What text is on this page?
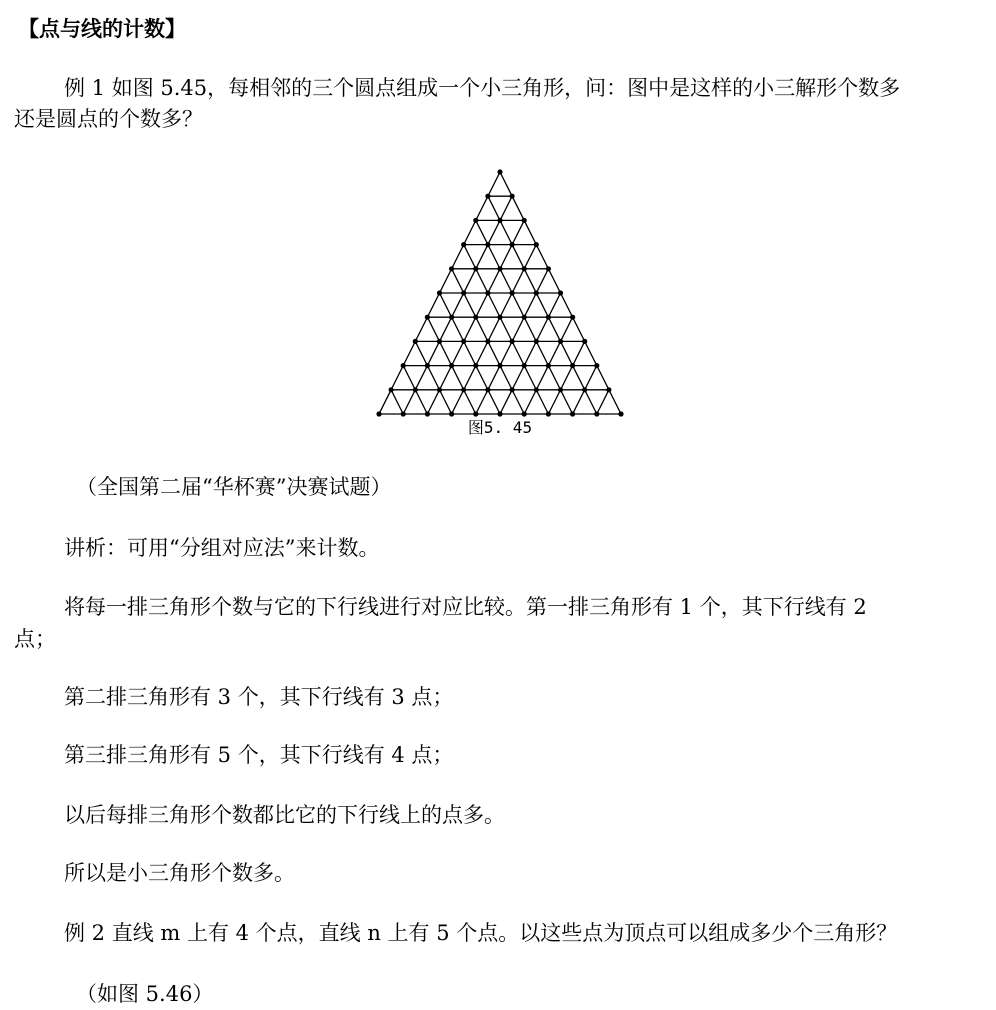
【点与线的计数】
例 1 如图 5.45，每相邻的三个圆点组成一个小三角形，问：图中是这样的小三解形个数多
还是圆点的个数多？
图5. 45
（全国第二届“华杯赛”决赛试题）
讲析：可用“分组对应法”来计数。
将每一排三角形个数与它的下行线进行对应比较。第一排三角形有 1 个，其下行线有 2
点；
第二排三角形有 3 个，其下行线有 3 点；
第三排三角形有 5 个，其下行线有 4 点；
以后每排三角形个数都比它的下行线上的点多。
所以是小三角形个数多。
例 2 直线 m 上有 4 个点，直线 n 上有 5 个点。以这些点为顶点可以组成多少个三角形？
（如图 5.46）
